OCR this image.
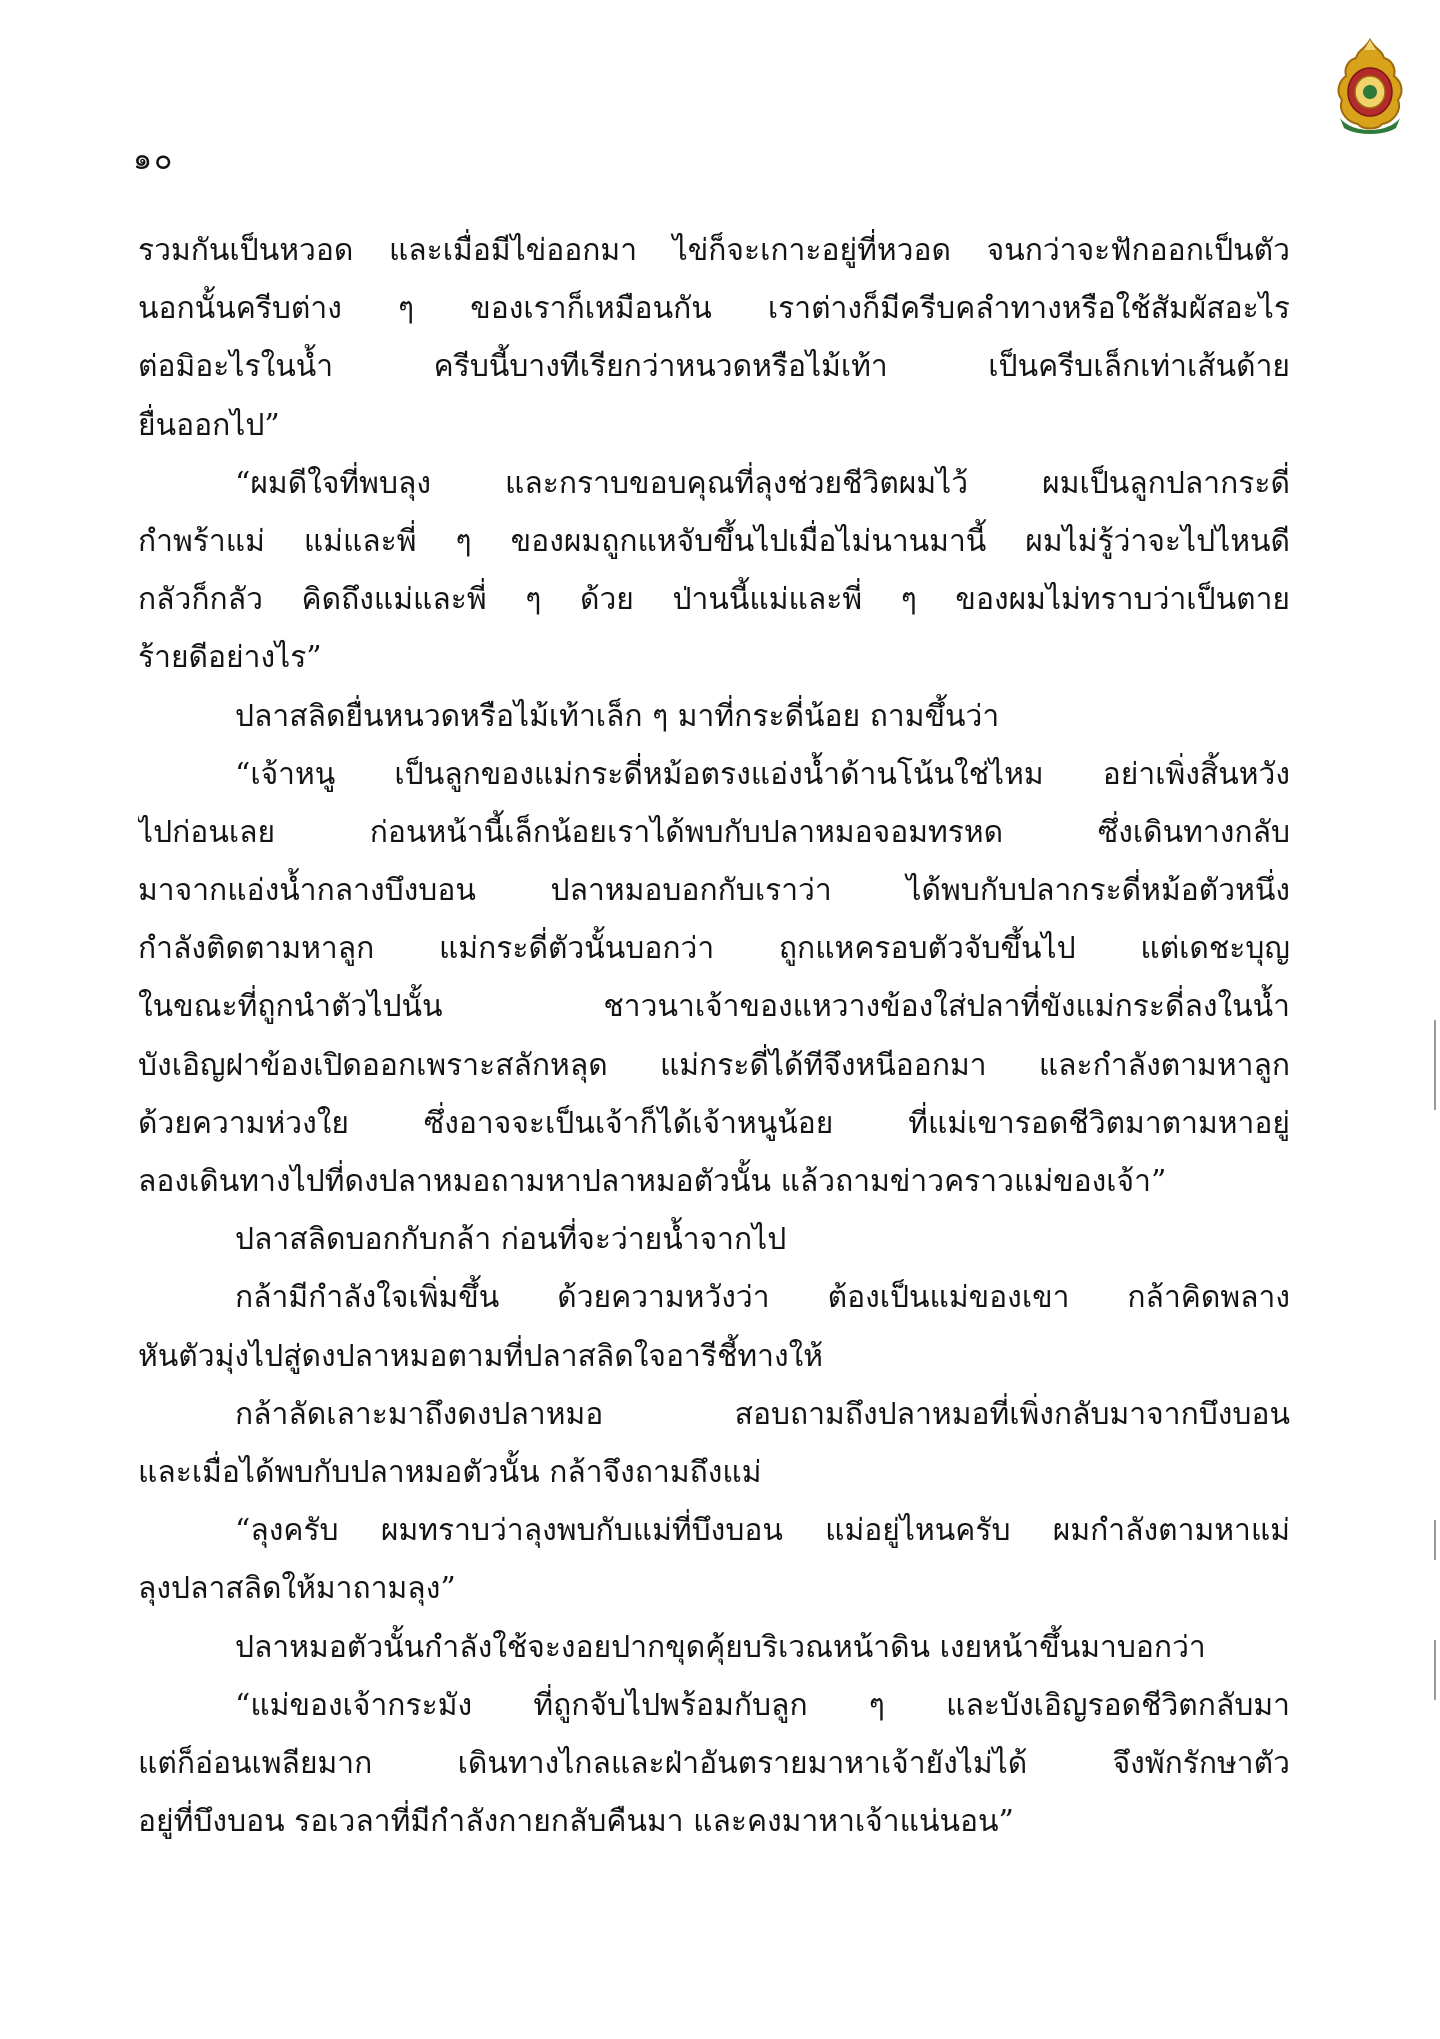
๑๐
รวมกันเป็นหวอด และเมื่อมีไข่ออกมา ไข่ก็จะเกาะอยู่ที่หวอด จนกว่าจะฟักออกเป็นตัว
นอกนั้นครีบต่าง ๆ ของเราก็เหมือนกัน เราต่างก็มีครีบคลำทางหรือใช้สัมผัสอะไร
ต่อมิอะไรในน้ำ ครีบนี้บางทีเรียกว่าหนวดหรือไม้เท้า เป็นครีบเล็กเท่าเส้นด้าย
ยื่นออกไป”
“ผมดีใจที่พบลุง และกราบขอบคุณที่ลุงช่วยชีวิตผมไว้ ผมเป็นลูกปลากระดี่
กำพร้าแม่ แม่และพี่ ๆ ของผมถูกแหจับขึ้นไปเมื่อไม่นานมานี้ ผมไม่รู้ว่าจะไปไหนดี
กลัวก็กลัว คิดถึงแม่และพี่ ๆ ด้วย ป่านนี้แม่และพี่ ๆ ของผมไม่ทราบว่าเป็นตาย
ร้ายดีอย่างไร”
ปลาสลิดยื่นหนวดหรือไม้เท้าเล็ก ๆ มาที่กระดี่น้อย ถามขึ้นว่า
“เจ้าหนู เป็นลูกของแม่กระดี่หม้อตรงแอ่งน้ำด้านโน้นใช่ไหม อย่าเพิ่งสิ้นหวัง
ไปก่อนเลย ก่อนหน้านี้เล็กน้อยเราได้พบกับปลาหมอจอมทรหด ซึ่งเดินทางกลับ
มาจากแอ่งน้ำกลางบึงบอน ปลาหมอบอกกับเราว่า ได้พบกับปลากระดี่หม้อตัวหนึ่ง
กำลังติดตามหาลูก แม่กระดี่ตัวนั้นบอกว่า ถูกแหครอบตัวจับขึ้นไป แต่เดชะบุญ
ในขณะที่ถูกนำตัวไปนั้น ชาวนาเจ้าของแหวางข้องใส่ปลาที่ขังแม่กระดี่ลงในน้ำ
บังเอิญฝาข้องเปิดออกเพราะสลักหลุด แม่กระดี่ได้ทีจึงหนีออกมา และกำลังตามหาลูก
ด้วยความห่วงใย ซึ่งอาจจะเป็นเจ้าก็ได้เจ้าหนูน้อย ที่แม่เขารอดชีวิตมาตามหาอยู่
ลองเดินทางไปที่ดงปลาหมอถามหาปลาหมอตัวนั้น แล้วถามข่าวคราวแม่ของเจ้า”
ปลาสลิดบอกกับกล้า ก่อนที่จะว่ายน้ำจากไป
กล้ามีกำลังใจเพิ่มขึ้น ด้วยความหวังว่า ต้องเป็นแม่ของเขา กล้าคิดพลาง
หันตัวมุ่งไปสู่ดงปลาหมอตามที่ปลาสลิดใจอารีชี้ทางให้
กล้าลัดเลาะมาถึงดงปลาหมอ สอบถามถึงปลาหมอที่เพิ่งกลับมาจากบึงบอน
และเมื่อได้พบกับปลาหมอตัวนั้น กล้าจึงถามถึงแม่
“ลุงครับ ผมทราบว่าลุงพบกับแม่ที่บึงบอน แม่อยู่ไหนครับ ผมกำลังตามหาแม่
ลุงปลาสลิดให้มาถามลุง”
ปลาหมอตัวนั้นกำลังใช้จะงอยปากขุดคุ้ยบริเวณหน้าดิน เงยหน้าขึ้นมาบอกว่า
“แม่ของเจ้ากระมัง ที่ถูกจับไปพร้อมกับลูก ๆ และบังเอิญรอดชีวิตกลับมา
แต่ก็อ่อนเพลียมาก เดินทางไกลและฝ่าอันตรายมาหาเจ้ายังไม่ได้ จึงพักรักษาตัว
อยู่ที่บึงบอน รอเวลาที่มีกำลังกายกลับคืนมา และคงมาหาเจ้าแน่นอน”
